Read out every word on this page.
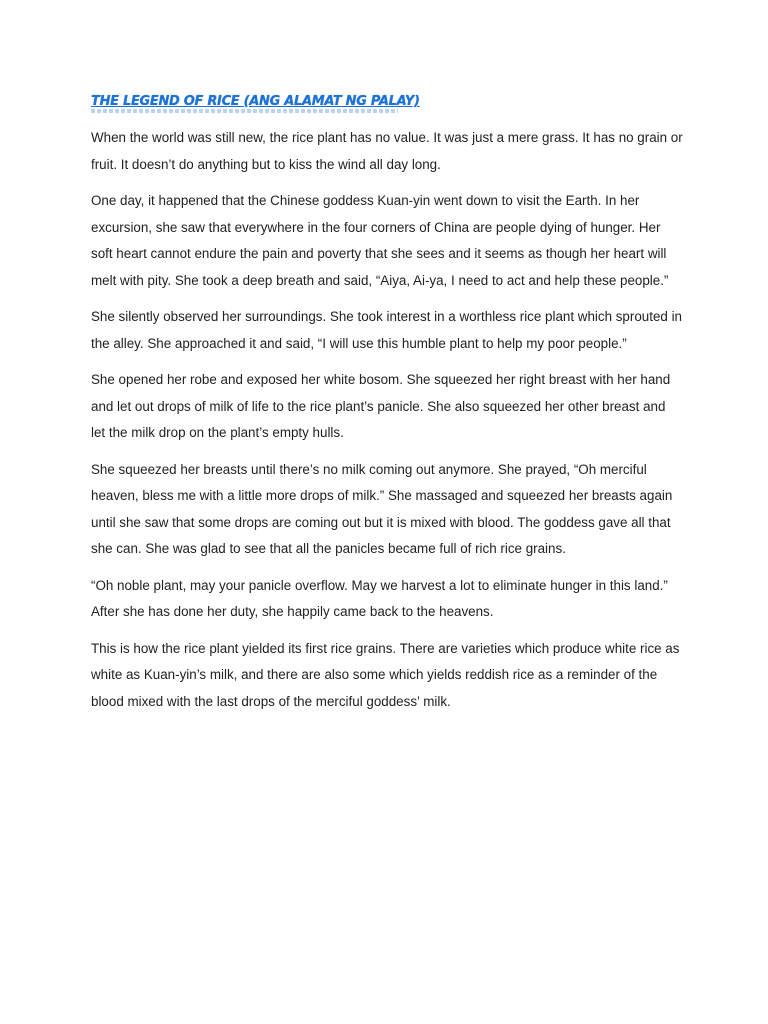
THE LEGEND OF RICE (ANG ALAMAT NG PALAY)

When the world was still new, the rice plant has no value. It was just a mere grass. It has no grain or fruit. It doesn’t do anything but to kiss the wind all day long.

One day, it happened that the Chinese goddess Kuan-yin went down to visit the Earth. In her excursion, she saw that everywhere in the four corners of China are people dying of hunger. Her soft heart cannot endure the pain and poverty that she sees and it seems as though her heart will melt with pity. She took a deep breath and said, “Aiya, Ai-ya, I need to act and help these people.”

She silently observed her surroundings. She took interest in a worthless rice plant which sprouted in the alley. She approached it and said, “I will use this humble plant to help my poor people.”

She opened her robe and exposed her white bosom. She squeezed her right breast with her hand and let out drops of milk of life to the rice plant’s panicle. She also squeezed her other breast and let the milk drop on the plant’s empty hulls.

She squeezed her breasts until there’s no milk coming out anymore. She prayed, “Oh merciful heaven, bless me with a little more drops of milk.” She massaged and squeezed her breasts again until she saw that some drops are coming out but it is mixed with blood. The goddess gave all that she can. She was glad to see that all the panicles became full of rich rice grains.

“Oh noble plant, may your panicle overflow. May we harvest a lot to eliminate hunger in this land.” After she has done her duty, she happily came back to the heavens.

This is how the rice plant yielded its first rice grains. There are varieties which produce white rice as white as Kuan-yin’s milk, and there are also some which yields reddish rice as a reminder of the blood mixed with the last drops of the merciful goddess’ milk.
